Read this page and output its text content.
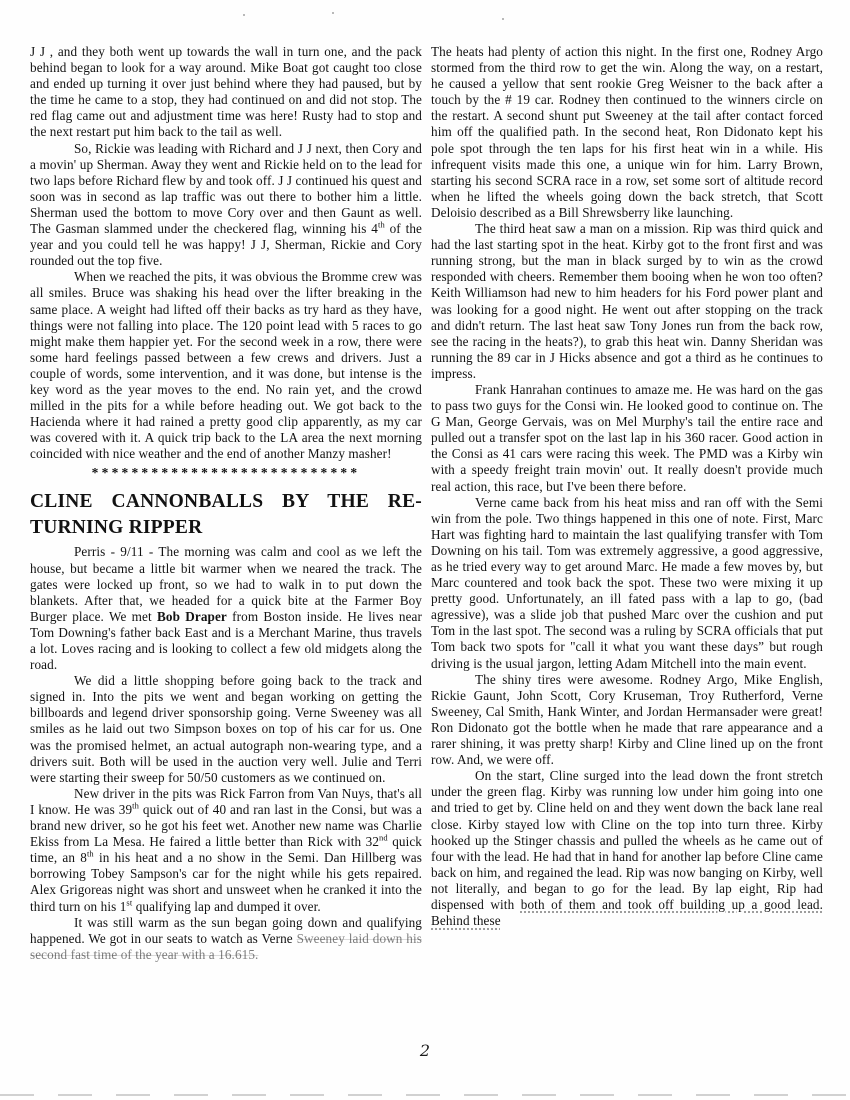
J J , and they both went up towards the wall in turn one, and the pack behind began to look for a way around. Mike Boat got caught too close and ended up turning it over just behind where they had paused, but by the time he came to a stop, they had continued on and did not stop. The red flag came out and adjustment time was here! Rusty had to stop and the next restart put him back to the tail as well.

So, Rickie was leading with Richard and J J next, then Cory and a movin' up Sherman. Away they went and Rickie held on to the lead for two laps before Richard flew by and took off. J J continued his quest and soon was in second as lap traffic was out there to bother him a little. Sherman used the bottom to move Cory over and then Gaunt as well. The Gasman slammed under the checkered flag, winning his 4th of the year and you could tell he was happy! J J, Sherman, Rickie and Cory rounded out the top five.

When we reached the pits, it was obvious the Bromme crew was all smiles. Bruce was shaking his head over the lifter breaking in the same place. A weight had lifted off their backs as try hard as they have, things were not falling into place. The 120 point lead with 5 races to go might make them happier yet. For the second week in a row, there were some hard feelings passed between a few crews and drivers. Just a couple of words, some intervention, and it was done, but intense is the key word as the year moves to the end. No rain yet, and the crowd milled in the pits for a while before heading out. We got back to the Hacienda where it had rained a pretty good clip apparently, as my car was covered with it. A quick trip back to the LA area the next morning coincided with nice weather and the end of another Manzy masher!

***************************
CLINE CANNONBALLS BY THE RE-TURNING RIPPER

Perris - 9/11 - The morning was calm and cool as we left the house, but became a little bit warmer when we neared the track. The gates were locked up front, so we had to walk in to put down the blankets. After that, we headed for a quick bite at the Farmer Boy Burger place. We met Bob Draper from Boston inside. He lives near Tom Downing's father back East and is a Merchant Marine, thus travels a lot. Loves racing and is looking to collect a few old midgets along the road.

We did a little shopping before going back to the track and signed in. Into the pits we went and began working on getting the billboards and legend driver sponsorship going. Verne Sweeney was all smiles as he laid out two Simpson boxes on top of his car for us. One was the promised helmet, an actual autograph non-wearing type, and a drivers suit. Both will be used in the auction very well. Julie and Terri were starting their sweep for 50/50 customers as we continued on.

New driver in the pits was Rick Farron from Van Nuys, that's all I know. He was 39th quick out of 40 and ran last in the Consi, but was a brand new driver, so he got his feet wet. Another new name was Charlie Ekiss from La Mesa. He faired a little better than Rick with 32nd quick time, an 8th in his heat and a no show in the Semi. Dan Hillberg was borrowing Tobey Sampson's car for the night while his gets repaired. Alex Grigoreas night was short and unsweet when he cranked it into the third turn on his 1st qualifying lap and dumped it over.

It was still warm as the sun began going down and qualifying happened. We got in our seats to watch as Verne Sweeney laid down his second fast time of the year with a 16.615.

The heats had plenty of action this night. In the first one, Rodney Argo stormed from the third row to get the win. Along the way, on a restart, he caused a yellow that sent rookie Greg Weisner to the back after a touch by the # 19 car. Rodney then continued to the winners circle on the restart. A second shunt put Sweeney at the tail after contact forced him off the qualified path. In the second heat, Ron Didonato kept his pole spot through the ten laps for his first heat win in a while. His infrequent visits made this one, a unique win for him. Larry Brown, starting his second SCRA race in a row, set some sort of altitude record when he lifted the wheels going down the back stretch, that Scott Deloisio described as a Bill Shrewsberry like launching.

The third heat saw a man on a mission. Rip was third quick and had the last starting spot in the heat. Kirby got to the front first and was running strong, but the man in black surged by to win as the crowd responded with cheers. Remember them booing when he won too often? Keith Williamson had new to him headers for his Ford power plant and was looking for a good night. He went out after stopping on the track and didn't return. The last heat saw Tony Jones run from the back row, see the racing in the heats?), to grab this heat win. Danny Sheridan was running the 89 car in J Hicks absence and got a third as he continues to impress.

Frank Hanrahan continues to amaze me. He was hard on the gas to pass two guys for the Consi win. He looked good to continue on. The G Man, George Gervais, was on Mel Murphy's tail the entire race and pulled out a transfer spot on the last lap in his 360 racer. Good action in the Consi as 41 cars were racing this week. The PMD was a Kirby win with a speedy freight train movin' out. It really doesn't provide much real action, this race, but I've been there before.

Verne came back from his heat miss and ran off with the Semi win from the pole. Two things happened in this one of note. First, Marc Hart was fighting hard to maintain the last qualifying transfer with Tom Downing on his tail. Tom was extremely aggressive, a good aggressive, as he tried every way to get around Marc. He made a few moves by, but Marc countered and took back the spot. These two were mixing it up pretty good. Unfortunately, an ill fated pass with a lap to go, (bad agressive), was a slide job that pushed Marc over the cushion and put Tom in the last spot. The second was a ruling by SCRA officials that put Tom back two spots for "call it what you want these days” but rough driving is the usual jargon, letting Adam Mitchell into the main event.

The shiny tires were awesome. Rodney Argo, Mike English, Rickie Gaunt, John Scott, Cory Kruseman, Troy Rutherford, Verne Sweeney, Cal Smith, Hank Winter, and Jordan Hermansader were great! Ron Didonato got the bottle when he made that rare appearance and a rarer shining, it was pretty sharp! Kirby and Cline lined up on the front row. And, we were off.

On the start, Cline surged into the lead down the front stretch under the green flag. Kirby was running low under him going into one and tried to get by. Cline held on and they went down the back lane real close. Kirby stayed low with Cline on the top into turn three. Kirby hooked up the Stinger chassis and pulled the wheels as he came out of four with the lead. He had that in hand for another lap before Cline came back on him, and regained the lead. Rip was now banging on Kirby, well not literally, and began to go for the lead. By lap eight, Rip had dispensed with both of them and took off building up a good lead. Behind these

2
